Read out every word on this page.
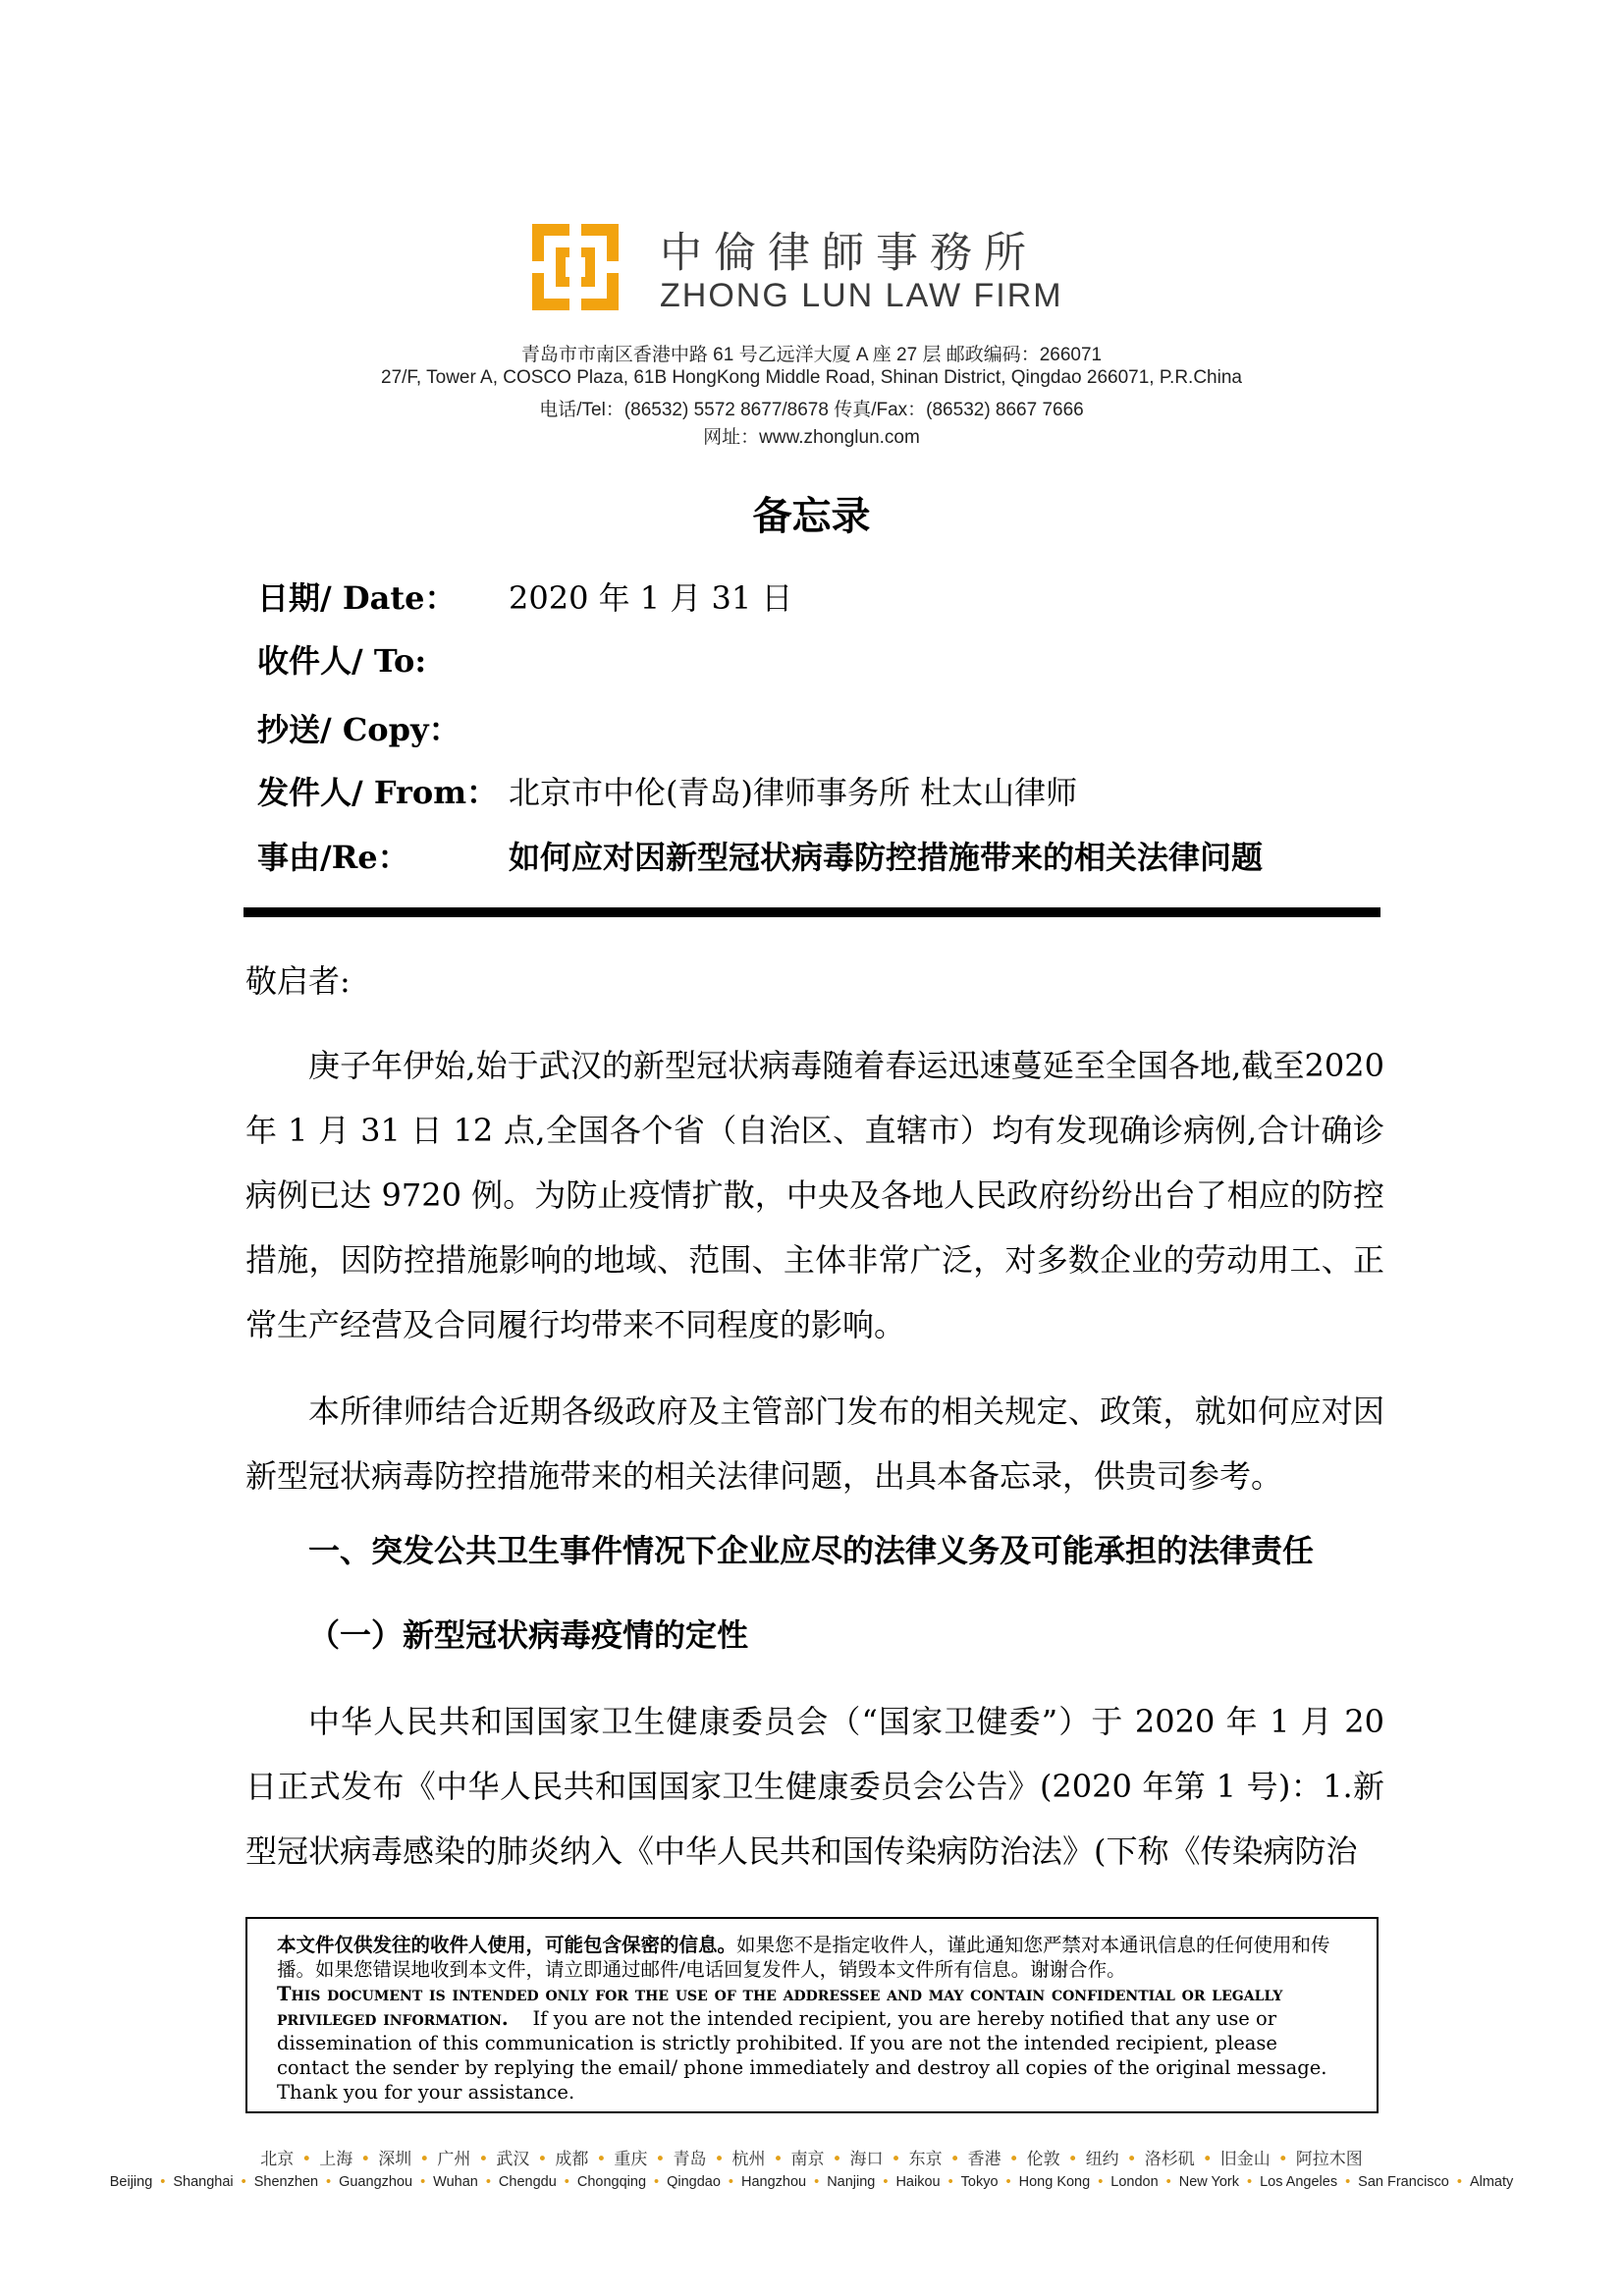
中倫律師事務所
ZHONG LUN LAW FIRM
青岛市市南区香港中路 61 号乙远洋大厦 A 座 27 层 邮政编码：266071
27/F, Tower A, COSCO Plaza, 61B HongKong Middle Road, Shinan District, Qingdao 266071, P.R.China
电话/Tel：(86532) 5572 8677/8678 传真/Fax：(86532) 8667 7666
网址：www.zhonglun.com
备忘录
日期/ Date： 2020 年 1 月 31 日
收件人/ To:
抄送/ Copy：
发件人/ From： 北京市中伦(青岛)律师事务所 杜太山律师
事由/Re：	如何应对因新型冠状病毒防控措施带来的相关法律问题

敬启者:

庚子年伊始,始于武汉的新型冠状病毒随着春运迅速蔓延至全国各地,截至2020 年 1 月 31 日 12 点,全国各个省（自治区、直辖市）均有发现确诊病例,合计确诊病例已达 9720 例。为防止疫情扩散，中央及各地人民政府纷纷出台了相应的防控措施，因防控措施影响的地域、范围、主体非常广泛，对多数企业的劳动用工、正常生产经营及合同履行均带来不同程度的影响。

本所律师结合近期各级政府及主管部门发布的相关规定、政策，就如何应对因新型冠状病毒防控措施带来的相关法律问题，出具本备忘录，供贵司参考。

一、突发公共卫生事件情况下企业应尽的法律义务及可能承担的法律责任

（一）新型冠状病毒疫情的定性

中华人民共和国国家卫生健康委员会（“国家卫健委”）于 2020 年 1 月 20 日正式发布《中华人民共和国国家卫生健康委员会公告》(2020 年第 1 号)：1.新型冠状病毒感染的肺炎纳入《中华人民共和国传染病防治法》(下称《传染病防治

本文件仅供发往的收件人使用，可能包含保密的信息。如果您不是指定收件人，谨此通知您严禁对本通讯信息的任何使用和传播。如果您错误地收到本文件，请立即通过邮件/电话回复发件人，销毁本文件所有信息。谢谢合作。

This document is intended only for the use of the addressee and may contain confidential or legally privileged information. If you are not the intended recipient, you are hereby notified that any use or dissemination of this communication is strictly prohibited. If you are not the intended recipient, please contact the sender by replying the email/ phone immediately and destroy all copies of the original message. Thank you for your assistance.

北京 • 上海 • 深圳 • 广州 • 武汉 • 成都 • 重庆 • 青岛 • 杭州 • 南京 • 海口 • 东京 • 香港 • 伦敦 • 纽约 • 洛杉矶 • 旧金山 • 阿拉木图
Beijing • Shanghai • Shenzhen • Guangzhou • Wuhan • Chengdu • Chongqing • Qingdao • Hangzhou • Nanjing • Haikou • Tokyo • Hong Kong • London • New York • Los Angeles • San Francisco • Almaty
